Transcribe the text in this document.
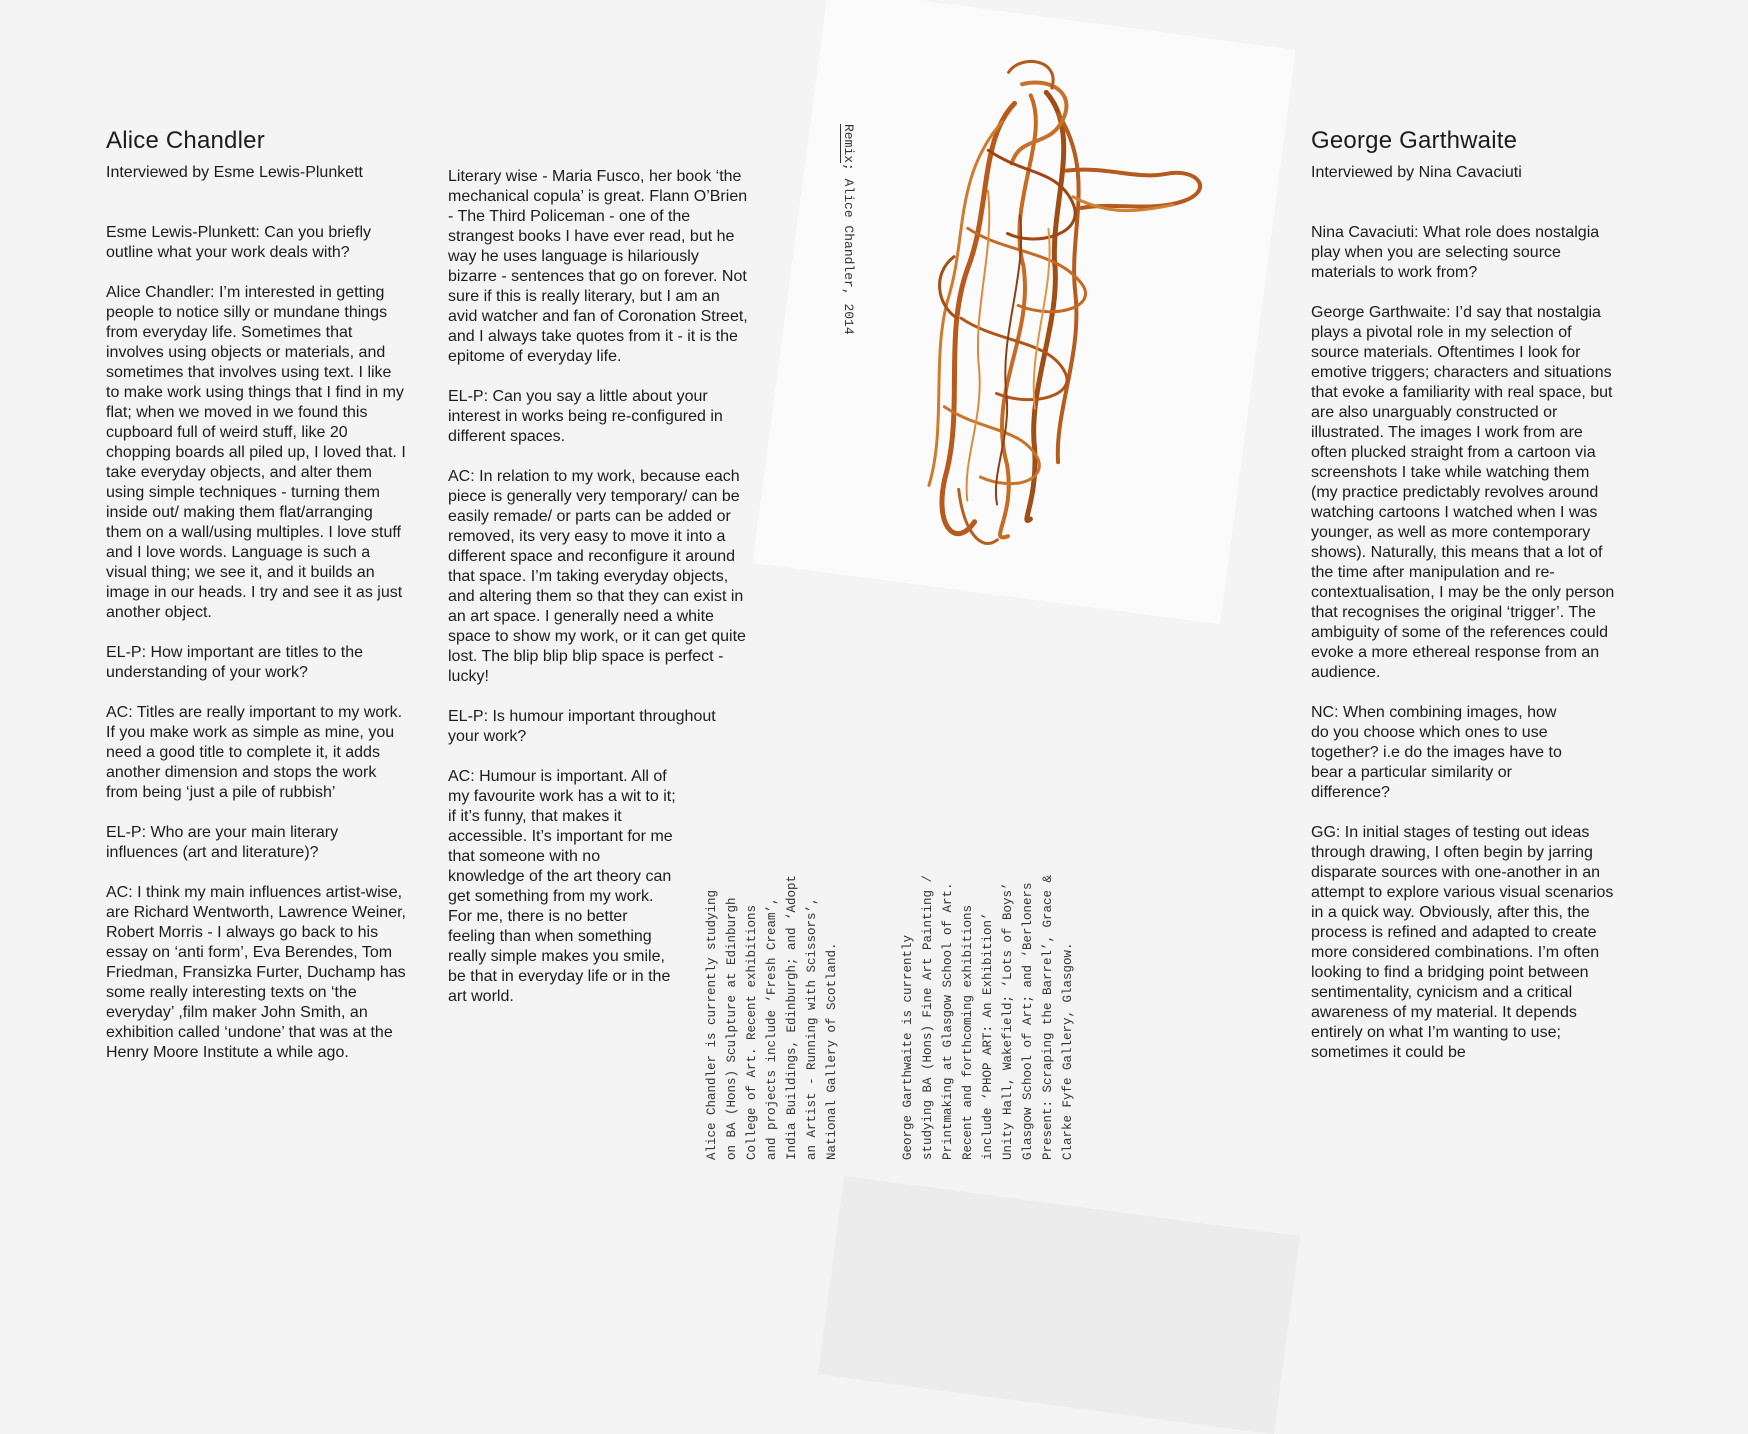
Alice Chandler
Interviewed by Esme Lewis-Plunkett

Esme Lewis-Plunkett: Can you briefly outline what your work deals with?

Alice Chandler: I’m interested in getting people to notice silly or mundane things from everyday life. Sometimes that involves using objects or materials, and sometimes that involves using text. I like to make work using things that I find in my flat; when we moved in we found this cupboard full of weird stuff, like 20 chopping boards all piled up, I loved that. I take everyday objects, and alter them using simple techniques - turning them inside out/ making them flat/arranging them on a wall/using multiples. I love stuff and I love words. Language is such a visual thing; we see it, and it builds an image in our heads. I try and see it as just another object.

EL-P: How important are titles to the understanding of your work?

AC: Titles are really important to my work. If you make work as simple as mine, you need a good title to complete it, it adds another dimension and stops the work from being ‘just a pile of rubbish’

EL-P: Who are your main literary influences (art and literature)?

AC: I think my main influences artist-wise, are Richard Wentworth, Lawrence Weiner, Robert Morris - I always go back to his essay on ‘anti form’, Eva Berendes, Tom Friedman, Fransizka Furter, Duchamp has some really interesting texts on ‘the everyday’ ,film maker John Smith, an exhibition called ‘undone’ that was at the Henry Moore Institute a while ago.

Literary wise - Maria Fusco, her book ‘the mechanical copula’ is great. Flann O’Brien - The Third Policeman - one of the strangest books I have ever read, but he way he uses language is hilariously bizarre - sentences that go on forever. Not sure if this is really literary, but I am an avid watcher and fan of Coronation Street, and I always take quotes from it - it is the epitome of everyday life.

EL-P: Can you say a little about your interest in works being re-configured in different spaces.

AC: In relation to my work, because each piece is generally very temporary/ can be easily remade/ or parts can be added or removed, its very easy to move it into a different space and reconfigure it around that space. I’m taking everyday objects, and altering them so that they can exist in an art space. I generally need a white space to show my work, or it can get quite lost. The blip blip blip space is perfect - lucky!

EL-P: Is humour important throughout your work?

AC: Humour is important. All of my favourite work has a wit to it; if it’s funny, that makes it accessible. It’s important for me that someone with no knowledge of the art theory can get something from my work. For me, there is no better feeling than when something really simple makes you smile, be that in everyday life or in the art world.

Remix; Alice Chandler, 2014
Alice Chandler is currently studying
on BA (Hons) Sculpture at Edinburgh
College of Art. Recent exhibitions
and projects include ‘Fresh Cream’,
India Buildings, Edinburgh; and ‘Adopt
an Artist - Running with Scissors’,
National Gallery of Scotland.
George Garthwaite is currently
studying BA (Hons) Fine Art Painting /
Printmaking at Glasgow School of Art.
Recent and forthcoming exhibitions
include ‘PHOP ART: An Exhibition’
Unity Hall, Wakefield; ‘Lots of Boys’
Glasgow School of Art; and ‘Berloners
Present: Scraping the Barrel’, Grace &
Clarke Fyfe Gallery, Glasgow.
George Garthwaite
Interviewed by Nina Cavaciuti

Nina Cavaciuti: What role does nostalgia play when you are selecting source materials to work from?

George Garthwaite: I’d say that nostalgia plays a pivotal role in my selection of source materials. Oftentimes I look for emotive triggers; characters and situations that evoke a familiarity with real space, but are also unarguably constructed or illustrated. The images I work from are often plucked straight from a cartoon via screenshots I take while watching them (my practice predictably revolves around watching cartoons I watched when I was younger, as well as more contemporary shows). Naturally, this means that a lot of the time after manipulation and re-contextualisation, I may be the only person that recognises the original ‘trigger’. The ambiguity of some of the references could evoke a more ethereal response from an audience.

NC: When combining images, how do you choose which ones to use together? i.e do the images have to bear a particular similarity or difference?

GG: In initial stages of testing out ideas through drawing, I often begin by jarring disparate sources with one-another in an attempt to explore various visual scenarios in a quick way. Obviously, after this, the process is refined and adapted to create more considered combinations. I’m often looking to find a bridging point between sentimentality, cynicism and a critical awareness of my material. It depends entirely on what I’m wanting to use; sometimes it could be
